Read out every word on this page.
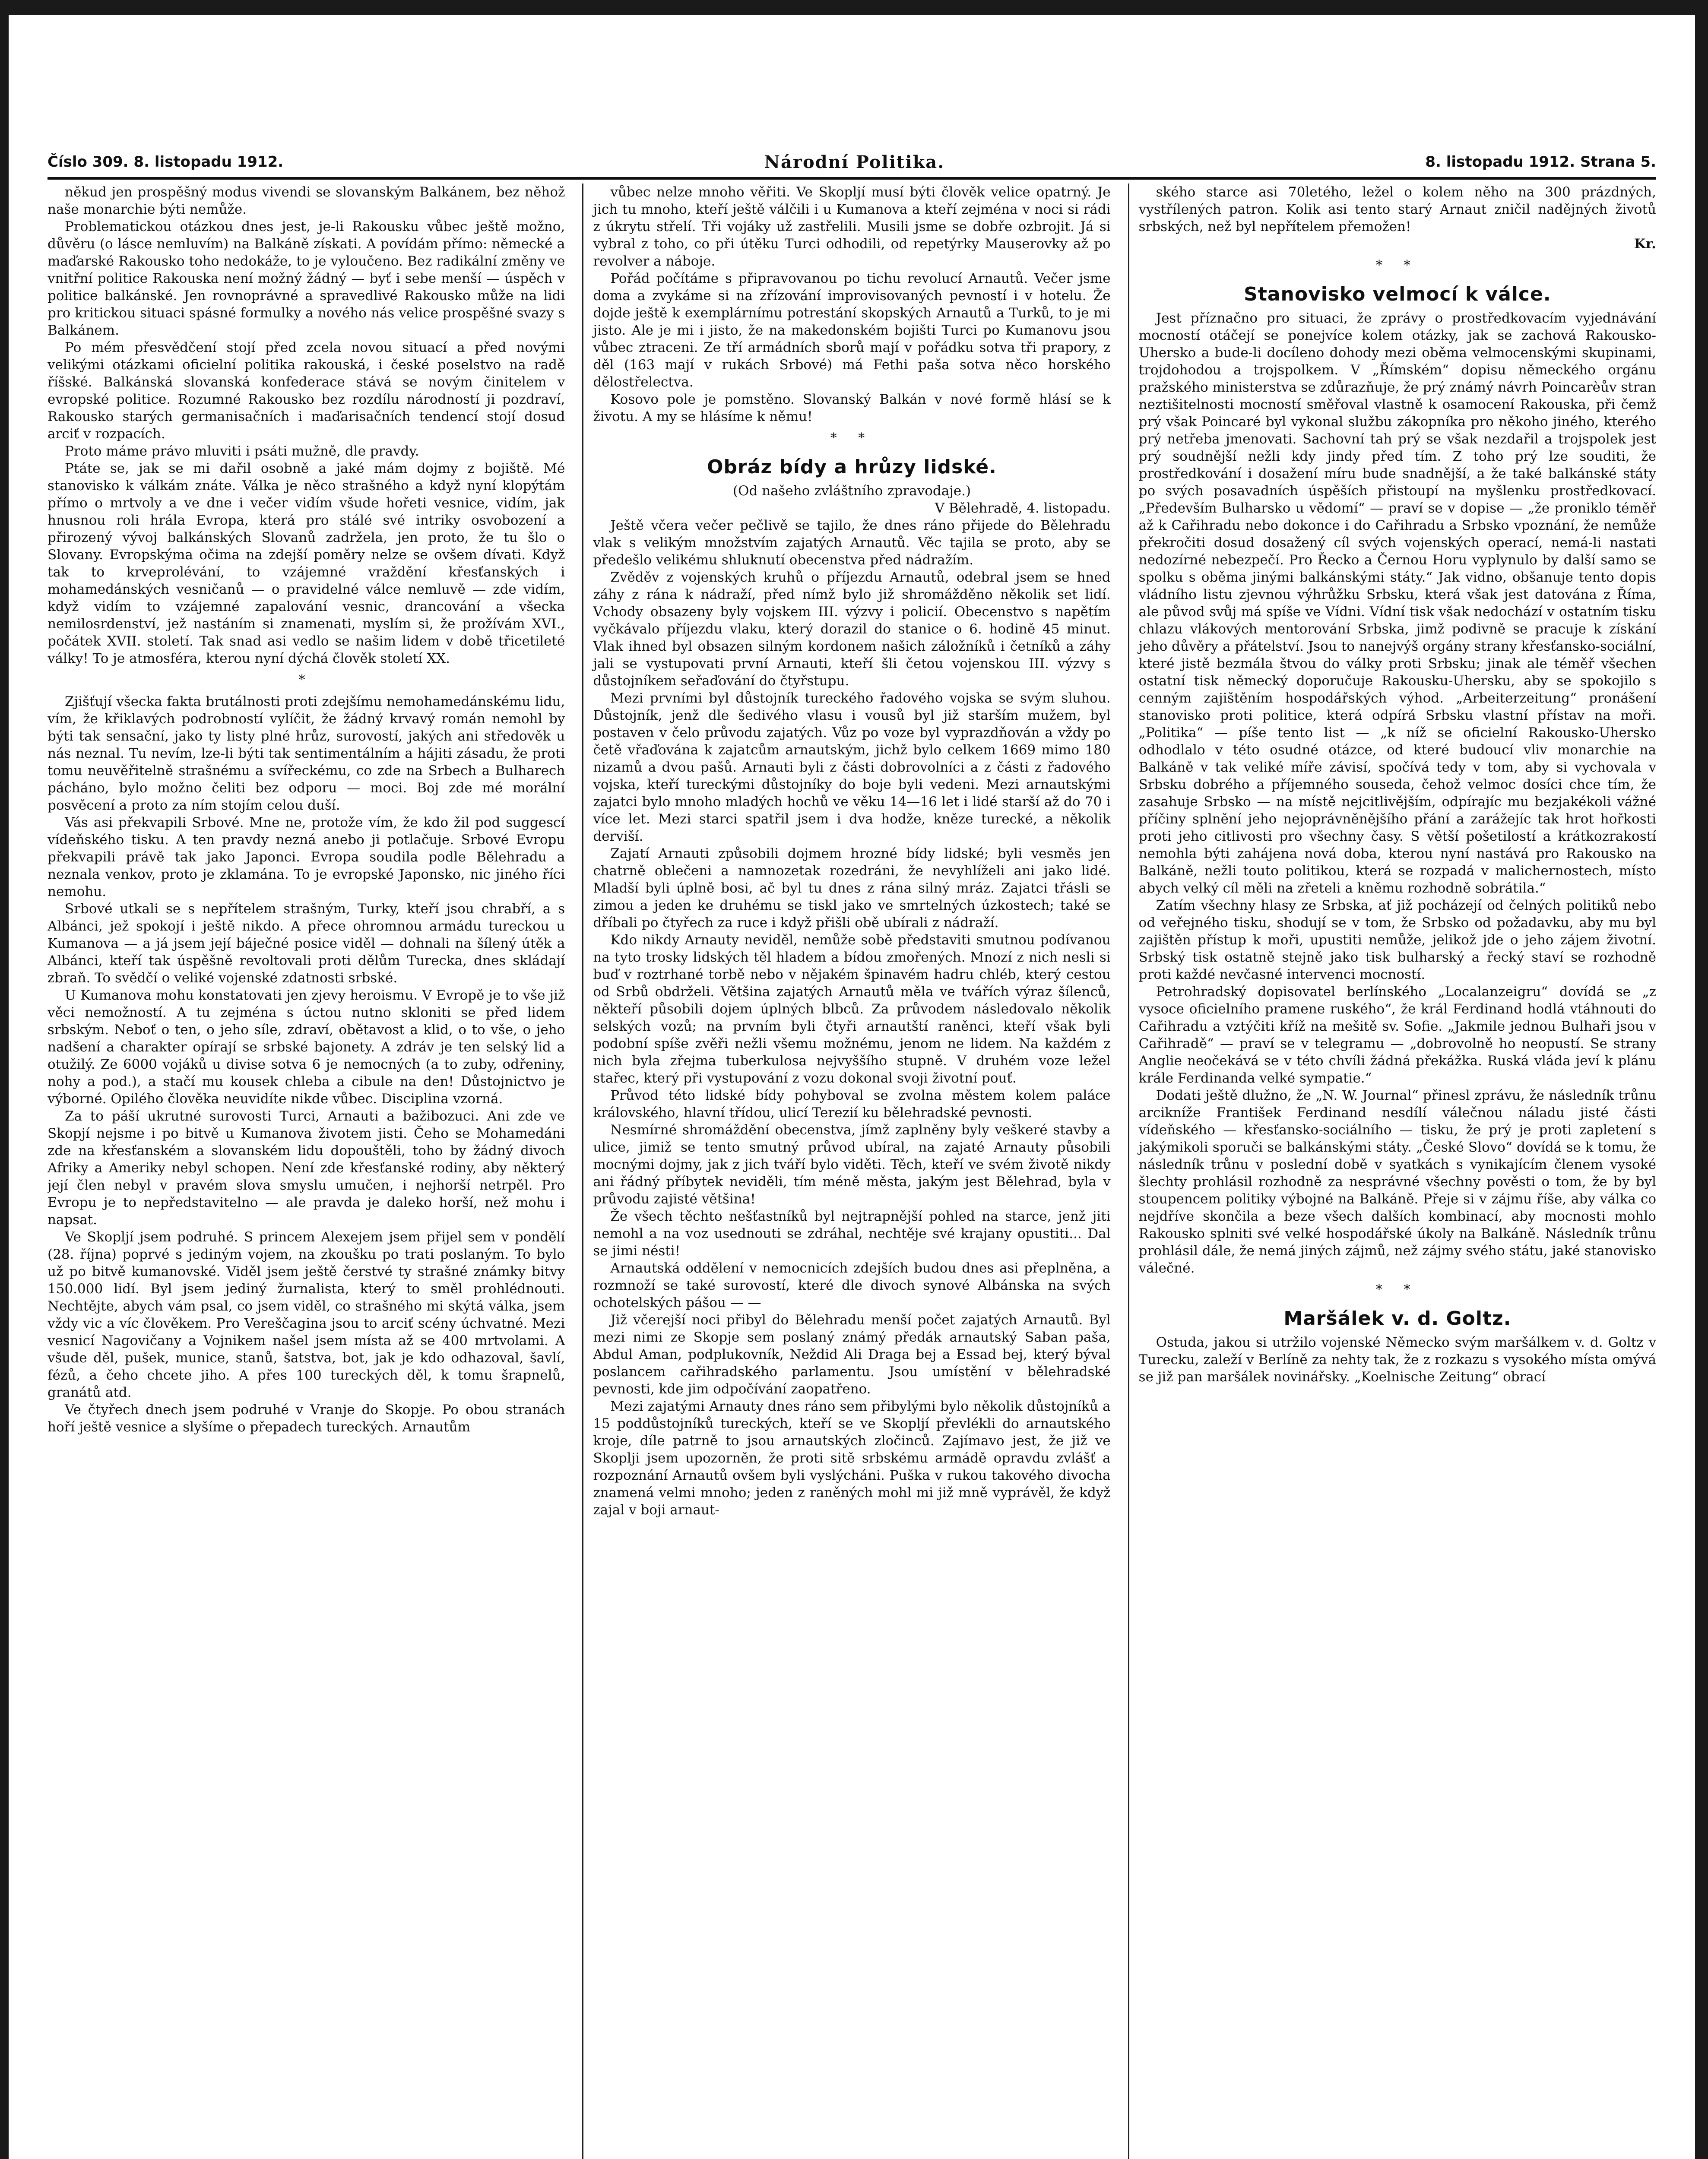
Číslo 309. 8. listopadu 1912.	Národní Politika.	8. listopadu 1912. Strana 5.

někud jen prospěšný modus vivendi se slovanským Balkánem, bez něhož naše monarchie býti nemůže.

Problematickou otázkou dnes jest, je-li Rakousku vůbec ještě možno, důvěru (o lásce nemluvím) na Balkáně získati. A povídám přímo: německé a maďarské Rakousko toho nedokáže, to je vyloučeno. Bez radikální změny ve vnitřní politice Rakouska není možný žádný — byť i sebe menší — úspěch v politice balkánské. Jen rovnoprávné a spravedlivé Rakousko může na lidi pro kritickou situaci spásné formulky a nového nás velice prospěšné svazy s Balkánem.

Po mém přesvědčení stojí před zcela novou situací a před novými velikými otázkami oficielní politika rakouská, i české poselstvo na radě říšské. Balkánská slovanská konfederace stává se novým činitelem v evropské politice. Rozumné Rakousko bez rozdílu národností ji pozdraví, Rakousko starých germanisačních i maďarisačních tendencí stojí dosud arciť v rozpacích.

Proto máme právo mluviti i psáti mužně, dle pravdy.

Ptáte se, jak se mi dařil osobně a jaké mám dojmy z bojiště. Mé stanovisko k válkám znáte. Válka je něco strašného a když nyní klopýtám přímo o mrtvoly a ve dne i večer vidím všude hořeti vesnice, vidím, jak hnusnou roli hrála Evropa, která pro stálé své intriky osvobození a přirozený vývoj balkánských Slovanů zadržela, jen proto, že tu šlo o Slovany. Evropskýma očima na zdejší poměry nelze se ovšem dívati. Když tak to krveprolévání, to vzájemné vraždění křesťanských i mohamedánských vesničanů — o pravidelné válce nemluvě — zde vidím, když vidím to vzájemné zapalování vesnic, drancování a všecka nemilosrdenství, jež nastáním si znamenati, myslím si, že prožívám XVI., počátek XVII. století. Tak snad asi vedlo se našim lidem v době třicetileté války! To je atmosféra, kterou nyní dýchá člověk století XX.

*

Zjišťují všecka fakta brutálnosti proti zdejšímu nemohamedánskému lidu, vím, že křiklavých podrobností vylíčit, že žádný krvavý román nemohl by býti tak sensační, jako ty listy plné hrůz, surovostí, jakých ani středověk u nás neznal. Tu nevím, lze-li býti tak sentimentálním a hájiti zásadu, že proti tomu neuvěřitelně strašnému a svířeckému, co zde na Srbech a Bulharech pácháno, bylo možno čeliti bez odporu — moci. Boj zde mé morální posvěcení a proto za ním stojím celou duší.

Vás asi překvapili Srbové. Mne ne, protože vím, že kdo žil pod suggescí vídeňského tisku. A ten pravdy nezná anebo ji potlačuje. Srbové Evropu překvapili právě tak jako Japonci. Evropa soudila podle Bělehradu a neznala venkov, proto je zklamána. To je evropské Japonsko, nic jiného říci nemohu.

Srbové utkali se s nepřítelem strašným, Turky, kteří jsou chrabří, a s Albánci, jež spokojí i ještě nikdo. A přece ohromnou armádu tureckou u Kumanova — a já jsem její báječné posice viděl — dohnali na šílený útěk a Albánci, kteří tak úspěšně revoltovali proti dělům Turecka, dnes skládají zbraň. To svědčí o veliké vojenské zdatnosti srbské.

U Kumanova mohu konstatovati jen zjevy heroismu. V Evropě je to vše již věci nemožností. A tu zejména s úctou nutno skloniti se před lidem srbským. Neboť o ten, o jeho síle, zdraví, obětavost a klid, o to vše, o jeho nadšení a charakter opírají se srbské bajonety. A zdráv je ten selský lid a otužilý. Ze 6000 vojáků u divise sotva 6 je nemocných (a to zuby, odřeniny, nohy a pod.), a stačí mu kousek chleba a cibule na den! Důstojnictvo je výborné. Opilého člověka neuvidíte nikde vůbec. Disciplina vzorná.

Za to páší ukrutné surovosti Turci, Arnauti a bažibozuci. Ani zde ve Skopjí nejsme i po bitvě u Kumanova životem jisti. Čeho se Mohamedáni zde na křesťanském a slovanském lidu dopouštěli, toho by žádný divoch Afriky a Ameriky nebyl schopen. Není zde křesťanské rodiny, aby některý její člen nebyl v pravém slova smyslu umučen, i nejhorší netrpěl. Pro Evropu je to nepředstavitelno — ale pravda je daleko horší, než mohu i napsat.

Ve Skopljí jsem podruhé. S princem Alexejem jsem přijel sem v pondělí (28. října) poprvé s jediným vojem, na zkoušku po trati poslaným. To bylo už po bitvě kumanovské. Viděl jsem ještě čerstvé ty strašné známky bitvy 150.000 lidí. Byl jsem jediný žurnalista, který to směl prohlédnouti. Nechtějte, abych vám psal, co jsem viděl, co strašného mi skýtá válka, jsem vždy vic a víc člověkem. Pro Vereščagina jsou to arciť scény úchvatné. Mezi vesnicí Nagovičany a Vojnikem našel jsem místa až se 400 mrtvolami. A všude děl, pušek, munice, stanů, šatstva, bot, jak je kdo odhazoval, šavlí, fézů, a čeho chcete jiho. A přes 100 tureckých děl, k tomu šrapnelů, granátů atd.

Ve čtyřech dnech jsem podruhé v Vranje do Skopje. Po obou stranách hoří ještě vesnice a slyšíme o přepadech tureckých. Arnautům

vůbec nelze mnoho věřiti. Ve Skopljí musí býti člověk velice opatrný. Je jich tu mnoho, kteří ještě válčili i u Kumanova a kteří zejména v noci si rádi z úkrytu střelí. Tři vojáky už zastřelili. Musili jsme se dobře ozbrojit. Já si vybral z toho, co při útěku Turci odhodili, od repetýrky Mauserovky až po revolver a náboje.

Pořád počítáme s připravovanou po tichu revolucí Arnautů. Večer jsme doma a zvykáme si na zřízování improvisovaných pevností i v hotelu. Že dojde ještě k exemplárnímu potrestání skopských Arnautů a Turků, to je mi jisto. Ale je mi i jisto, že na makedonském bojišti Turci po Kumanovu jsou vůbec ztraceni. Ze tří armádních sborů mají v pořádku sotva tři prapory, z děl (163 mají v rukách Srbové) má Fethi paša sotva něco horského dělostřelectva.

Kosovo pole je pomstěno. Slovanský Balkán v nové formě hlásí se k životu. A my se hlásíme k němu!

* *

Obráz bídy a hrůzy lidské.

(Od našeho zvláštního zpravodaje.)

V Bělehradě, 4. listopadu.

Ještě včera večer pečlivě se tajilo, že dnes ráno přijede do Bělehradu vlak s velikým množstvím zajatých Arnautů. Věc tajila se proto, aby se předešlo velikému shluknutí obecenstva před nádražím.

Zvěděv z vojenských kruhů o příjezdu Arnautů, odebral jsem se hned záhy z rána k nádraží, před nímž bylo již shromážděno několik set lidí. Vchody obsazeny byly vojskem III. výzvy i policií. Obecenstvo s napětím vyčkávalo příjezdu vlaku, který dorazil do stanice o 6. hodině 45 minut. Vlak ihned byl obsazen silným kordonem našich záložníků i četníků a záhy jali se vystupovati první Arnauti, kteří šli četou vojenskou III. výzvy s důstojníkem seřaďování do čtyřstupu.

Mezi prvními byl důstojník tureckého řadového vojska se svým sluhou. Důstojník, jenž dle šedivého vlasu i vousů byl již starším mužem, byl postaven v čelo průvodu zajatých. Vůz po voze byl vyprazdňován a vždy po četě vřaďována k zajatcům arnautským, jichž bylo celkem 1669 mimo 180 nizamů a dvou pašů. Arnauti byli z části dobrovolníci a z části z řadového vojska, kteří tureckými důstojníky do boje byli vedeni. Mezi arnautskými zajatci bylo mnoho mladých hochů ve věku 14—16 let i lidé starší až do 70 i více let. Mezi starci spatřil jsem i dva hodže, kněze turecké, a několik derviší.

Zajatí Arnauti způsobili dojmem hrozné bídy lidské; byli vesměs jen chatrně oblečeni a namnozetak rozedráni, že nevyhlíželi ani jako lidé. Mladší byli úplně bosi, ač byl tu dnes z rána silný mráz. Zajatci třásli se zimou a jeden ke druhému se tiskl jako ve smrtelných úzkostech; také se dříbali po čtyřech za ruce i když přišli obě ubírali z nádraží.

Kdo nikdy Arnauty neviděl, nemůže sobě představiti smutnou podívanou na tyto trosky lidských těl hladem a bídou zmořených. Mnozí z nich nesli si buď v roztrhané torbě nebo v nějakém špinavém hadru chléb, který cestou od Srbů obdrželi. Většina zajatých Arnautů měla ve tvářích výraz šílenců, někteří působili dojem úplných blbců. Za průvodem následovalo několik selských vozů; na prvním byli čtyři arnautští raněnci, kteří však byli podobní spíše zvěři nežli všemu možnému, jenom ne lidem. Na každém z nich byla zřejma tuberkulosa nejvyššího stupně. V druhém voze ležel stařec, který při vystupování z vozu dokonal svoji životní pouť.

Průvod této lidské bídy pohyboval se zvolna městem kolem paláce královského, hlavní třídou, ulicí Terezií ku bělehradské pevnosti.

Nesmírné shromáždění obecenstva, jímž zaplněny byly veškeré stavby a ulice, jimiž se tento smutný průvod ubíral, na zajaté Arnauty působili mocnými dojmy, jak z jich tváří bylo viděti. Těch, kteří ve svém životě nikdy ani řádný příbytek neviděli, tím méně města, jakým jest Bělehrad, byla v průvodu zajisté většina!

Že všech těchto nešťastníků byl nejtrapnější pohled na starce, jenž jiti nemohl a na voz usednouti se zdráhal, nechtěje své krajany opustiti... Dal se jimi nésti!

Arnautská oddělení v nemocnicích zdejších budou dnes asi přeplněna, a rozmnoží se také surovostí, které dle divoch synové Albánska na svých ochotelských pášou — —

Již včerejší noci přibyl do Bělehradu menší počet zajatých Arnautů. Byl mezi nimi ze Skopje sem poslaný známý předák arnautský Saban paša, Abdul Aman, podplukovník, Neždid Ali Draga bej a Essad bej, který býval poslancem cařihradského parlamentu. Jsou umístění v bělehradské pevnosti, kde jim odpočívání zaopatřeno.

Mezi zajatými Arnauty dnes ráno sem přibylými bylo několik důstojníků a 15 poddůstojníků tureckých, kteří se ve Skopljí převlékli do arnautského kroje, díle patrně to jsou arnautských zločinců. Zajímavo jest, že již ve Skoplji jsem upozorněn, že proti sitě srbskému armádě opravdu zvlášť a rozpoznání Arnautů ovšem byli vyslýcháni. Puška v rukou takového divocha znamená velmi mnoho; jeden z raněných mohl mi již mně vyprávěl, že když zajal v boji arnaut-

ského starce asi 70letého, ležel o kolem něho na 300 prázdných, vystřílených patron. Kolik asi tento starý Arnaut zničil nadějných životů srbských, než byl nepřítelem přemožen!

Kr.

* *

Stanovisko velmocí k válce.

Jest příznačno pro situaci, že zprávy o prostředkovacím vyjednávání mocností otáčejí se ponejvíce kolem otázky, jak se zachová Rakousko-Uhersko a bude-li docíleno dohody mezi oběma velmocenskými skupinami, trojdohodou a trojspolkem. V „Římském“ dopisu německého orgánu pražského ministerstva se zdůrazňuje, že prý známý návrh Poincarèův stran neztišitelnosti mocností směřoval vlastně k osamocení Rakouska, při čemž prý však Poincaré byl vykonal službu zákopníka pro někoho jiného, kterého prý netřeba jmenovati. Sachovní tah prý se však nezdařil a trojspolek jest prý soudnější nežli kdy jindy před tím. Z toho prý lze souditi, že prostředkování i dosažení míru bude snadnější, a že také balkánské státy po svých posavadních úspěších přistoupí na myšlenku prostředkovací. „Především Bulharsko u vědomí“ — praví se v dopise — „že proniklo téměř až k Cařihradu nebo dokonce i do Cařihradu a Srbsko vpoznání, že nemůže překročiti dosud dosažený cíl svých vojenských operací, nemá-li nastati nedozírné nebezpečí. Pro Řecko a Černou Horu vyplynulo by další samo se spolku s oběma jinými balkánskými státy.“ Jak vidno, obšanuje tento dopis vládního listu zjevnou výhrůžku Srbsku, která však jest datována z Říma, ale původ svůj má spíše ve Vídni. Vídní tisk však nedochází v ostatním tisku chlazu vlákových mentorování Srbska, jimž podivně se pracuje k získání jeho důvěry a přátelství. Jsou to nanejvýš orgány strany křesťansko-sociální, které jistě bezmála štvou do války proti Srbsku; jinak ale téměř všechen ostatní tisk německý doporučuje Rakousku-Uhersku, aby se spokojilo s cenným zajištěním hospodářských výhod. „Arbeiterzeitung“ pronášení stanovisko proti politice, která odpírá Srbsku vlastní přístav na moři. „Politika“ — píše tento list — „k níž se oficielní Rakousko-Uhersko odhodlalo v této osudné otázce, od které budoucí vliv monarchie na Balkáně v tak veliké míře závisí, spočívá tedy v tom, aby si vychovala v Srbsku dobrého a příjemného souseda, čehož velmoc dosíci chce tím, že zasahuje Srbsko — na místě nejcitlivějším, odpírajíc mu bezjakékoli vážné příčiny splnění jeho nejoprávněnějšího přání a zarážejíc tak hrot hořkosti proti jeho citlivosti pro všechny časy. S větší pošetilostí a krátkozrakostí nemohla býti zahájena nová doba, kterou nyní nastává pro Rakousko na Balkáně, nežli touto politikou, která se rozpadá v malichernostech, místo abych velký cíl měli na zřeteli a kněmu rozhodně sobrátila.“

Zatím všechny hlasy ze Srbska, ať již pocházejí od čelných politiků nebo od veřejného tisku, shodují se v tom, že Srbsko od požadavku, aby mu byl zajištěn přístup k moři, upustiti nemůže, jelikož jde o jeho zájem životní. Srbský tisk ostatně stejně jako tisk bulharský a řecký staví se rozhodně proti každé nevčasné intervenci mocností.

Petrohradský dopisovatel berlínského „Localanzeigru“ dovídá se „z vysoce oficielního pramene ruského“, že král Ferdinand hodlá vtáhnouti do Cařihradu a vztýčiti kříž na mešitě sv. Sofie. „Jakmile jednou Bulhaři jsou v Cařihradě“ — praví se v telegramu — „dobrovolně ho neopustí. Se strany Anglie neočekává se v této chvíli žádná překážka. Ruská vláda jeví k plánu krále Ferdinanda velké sympatie.“

Dodati ještě dlužno, že „N. W. Journal“ přinesl zprávu, že následník trůnu arcikníže František Ferdinand nesdílí válečnou náladu jisté části vídeňského — křesťansko-sociálního — tisku, že prý je proti zapletení s jakýmikoli sporuči se balkánskými státy. „České Slovo“ dovídá se k tomu, že následník trůnu v poslední době v syatkách s vynikajícím členem vysoké šlechty prohlásil rozhodně za nesprávné všechny pověsti o tom, že by byl stoupencem politiky výbojné na Balkáně. Přeje si v zájmu říše, aby válka co nejdříve skončila a beze všech dalších kombinací, aby mocnosti mohlo Rakousko splniti své velké hospodářské úkoly na Balkáně. Následník trůnu prohlásil dále, že nemá jiných zájmů, než zájmy svého státu, jaké stanovisko válečné.

* *

Maršálek v. d. Goltz.

Ostuda, jakou si utržilo vojenské Německo svým maršálkem v. d. Goltz v Turecku, zaleží v Berlíně za nehty tak, že z rozkazu s vysokého místa omývá se již pan maršálek novinářsky. „Koelnische Zeitung“ obrací
